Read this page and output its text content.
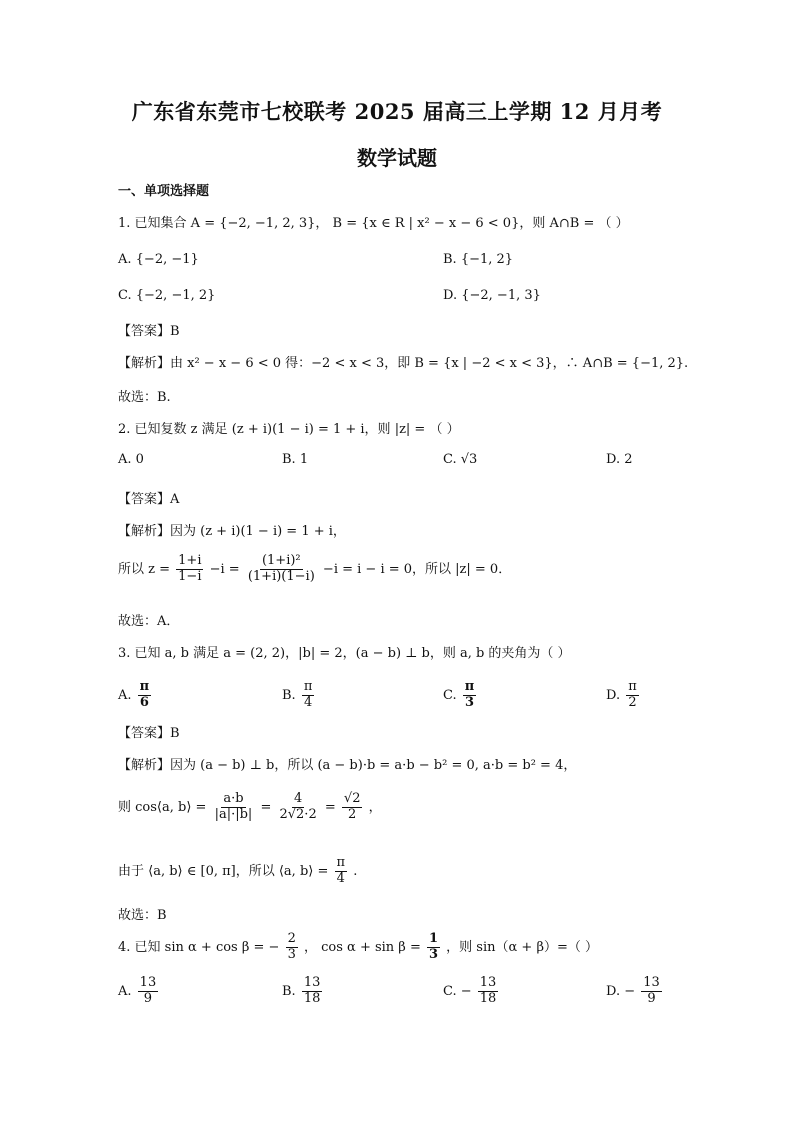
广东省东莞市七校联考 2025 届高三上学期 12 月月考
数学试题
一、单项选择题
1. 已知集合 A = {−2, −1, 2, 3}， B = {x ∈ R | x² − x − 6 < 0}，则 A∩B = （ ）
A. {−2, −1}	B. {−1, 2}
C. {−2, −1, 2}	D. {−2, −1, 3}
【答案】B
【解析】由 x² − x − 6 < 0 得：−2 < x < 3，即 B = {x | −2 < x < 3}，∴ A∩B = {−1, 2}.
故选：B.
2. 已知复数 z 满足 (z + i)(1 − i) = 1 + i，则 |z| = （ ）
A. 0	B. 1	C. √3	D. 2
【答案】A
【解析】因为 (z + i)(1 − i) = 1 + i，
所以 $z = \frac{1+i}{1-i} -i = \frac{\text{(1+i)²}}{(1+i)(1-i)} -i = i - i = 0$，所以 |z| = 0．
故选：A．
3. 已知 a, b 满足 a = (2, 2)，|b| = 2，(a − b) ⊥ b，则 a, b 的夹角为（ ）
A. $\frac{\pi}{6}$	B. $\frac{\pi}{4}$	C. $\frac{\pi}{3}$	D. $\frac{\pi}{2}$
【答案】B
【解析】因为 (a − b) ⊥ b，所以 (a − b)·b = a·b − b² = 0, a·b = b² = 4，
则 cos⟨a, b⟩ = $\frac{a\cdot b}{|a|\cdot|b|} = \frac{4}{2√2\cdot 2} = \frac{√2}{2}$ ，
由于 ⟨a, b⟩ ∈ [0, π]，所以 ⟨a, b⟩ = $\frac{\pi}{4}$ .
故选：B
4. 已知 sin α + cos β = − $\frac{2}{3}$ ， $\cos \alpha + \sin \beta = \frac{1}{3}$ ，则 sin（α + β）=（ ）
A. $\frac{13}{9}$	B. $\frac{13}{18}$	C. − $\frac{13}{18}$	D. − $\frac{13}{9}$
